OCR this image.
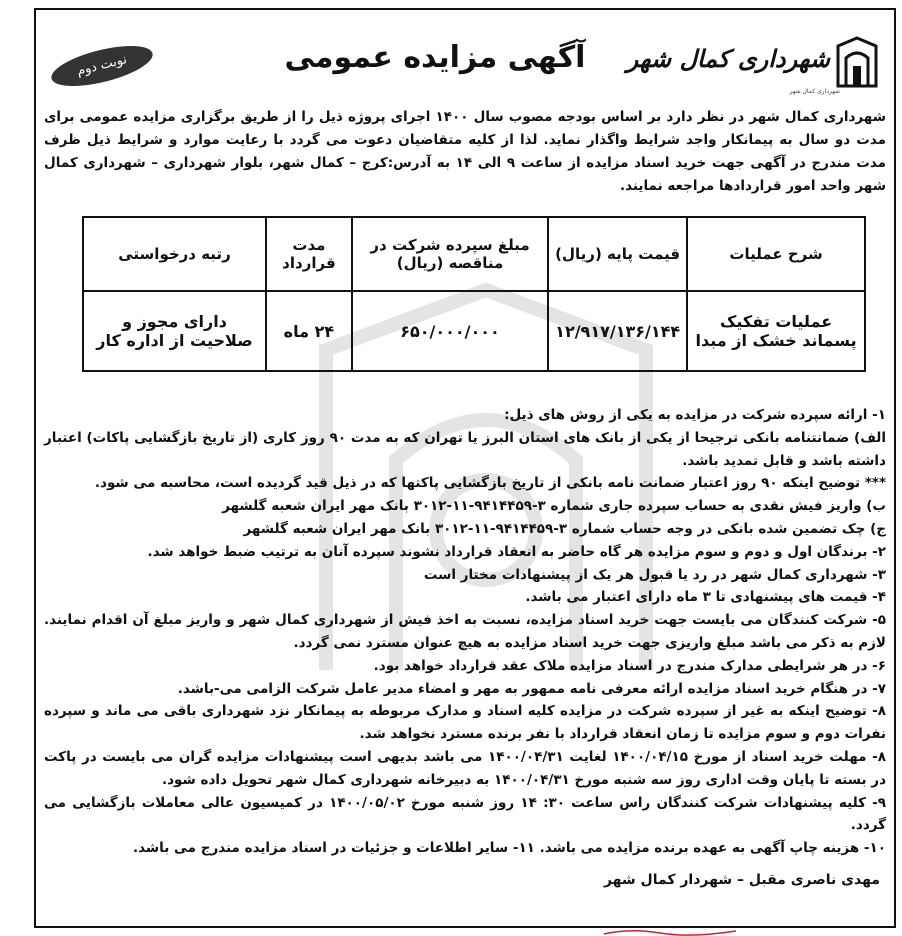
شهرداری کمال شهر
شهرداری کمال شهر
آگهی مزایده عمومی
نوبت دوم
شهرداری کمال شهر در نظر دارد بر اساس بودجه مصوب سال ۱۴۰۰ اجرای پروژه ذیل را از طریق برگزاری مزایده عمومی برای مدت دو سال به پیمانکار واجد شرایط واگذار نماید. لذا از کلیه متقاضیان دعوت می گردد با رعایت موارد و شرایط ذیل ظرف مدت مندرج در آگهی جهت خرید اسناد مزایده از ساعت ۹ الی ۱۴ به آدرس:کرج – کمال شهر، بلوار شهرداری – شهرداری کمال شهر واحد امور قراردادها مراجعه نمایند.
شرح عملیات	قیمت پایه (ریال)	مبلغ سپرده شرکت در مناقصه (ریال)	مدت قرارداد	رتبه درخواستی
عملیات تفکیک پسماند خشک از مبدا	۱۲/۹۱۷/۱۳۶/۱۴۴	۶۵۰/۰۰۰/۰۰۰	۲۴ ماه	دارای مجوز و صلاحیت از اداره کار

۱- ارائه سپرده شرکت در مزایده به یکی از روش های ذیل:

الف) ضمانتنامه بانکی ترجیحا از یکی از بانک های استان البرز یا تهران که به مدت ۹۰ روز کاری (از تاریخ بازگشایی پاکات) اعتبار داشته باشد و قابل تمدید باشد.

*** توضیح اینکه ۹۰ روز اعتبار ضمانت نامه بانکی از تاریخ بازگشایی پاکتها که در ذیل قید گردیده است، محاسبه می شود.

ب) واریز فیش نقدی به حساب سپرده جاری شماره ۳-۹۴۱۴۴۵۹-۱۱-۳۰۱۲ بانک مهر ایران شعبه گلشهر

ج) چک تضمین شده بانکی در وجه حساب شماره ۳-۹۴۱۴۴۵۹-۱۱-۳۰۱۲ بانک مهر ایران شعبه گلشهر

۲- برندگان اول و دوم و سوم مزایده هر گاه حاضر به انعقاد قرارداد نشوند سپرده آنان به ترتیب ضبط خواهد شد.

۳- شهرداری کمال شهر در رد یا قبول هر یک از پیشنهادات مختار است

۴- قیمت های پیشنهادی تا ۳ ماه دارای اعتبار می باشد.

۵- شرکت کنندگان می بایست جهت خرید اسناد مزایده، نسبت به اخذ فیش از شهرداری کمال شهر و واریز مبلغ آن اقدام نمایند. لازم به ذکر می باشد مبلغ واریزی جهت خرید اسناد مزایده به هیچ عنوان مسترد نمی گردد.

۶- در هر شرایطی مدارک مندرج در اسناد مزایده ملاک عقد قرارداد خواهد بود.

۷- در هنگام خرید اسناد مزایده ارائه معرفی نامه ممهور به مهر و امضاء مدیر عامل شرکت الزامی می-باشد.

۸- توضیح اینکه به غیر از سپرده شرکت در مزایده کلیه اسناد و مدارک مربوطه به پیمانکار نزد شهرداری باقی می ماند و سپرده نفرات دوم و سوم مزایده تا زمان انعقاد قرارداد با نفر برنده مسترد نخواهد شد.

۸- مهلت خرید اسناد از مورخ ۱۴۰۰/۰۴/۱۵ لغایت ۱۴۰۰/۰۴/۳۱ می باشد بدیهی است پیشنهادات مزایده گران می بایست در پاکت در بسته تا پایان وقت اداری روز سه شنبه مورخ ۱۴۰۰/۰۴/۳۱ به دبیرخانه شهرداری کمال شهر تحویل داده شود.

۹- کلیه پیشنهادات شرکت کنندگان راس ساعت ۳۰: ۱۴ روز شنبه مورخ ۱۴۰۰/۰۵/۰۲ در کمیسیون عالی معاملات بازگشایی می گردد.

۱۰- هزینه چاپ آگهی به عهده برنده مزایده می باشد. ۱۱- سایر اطلاعات و جزئیات در اسناد مزایده مندرج می باشد.

مهدی ناصری مقبل – شهردار کمال شهر
